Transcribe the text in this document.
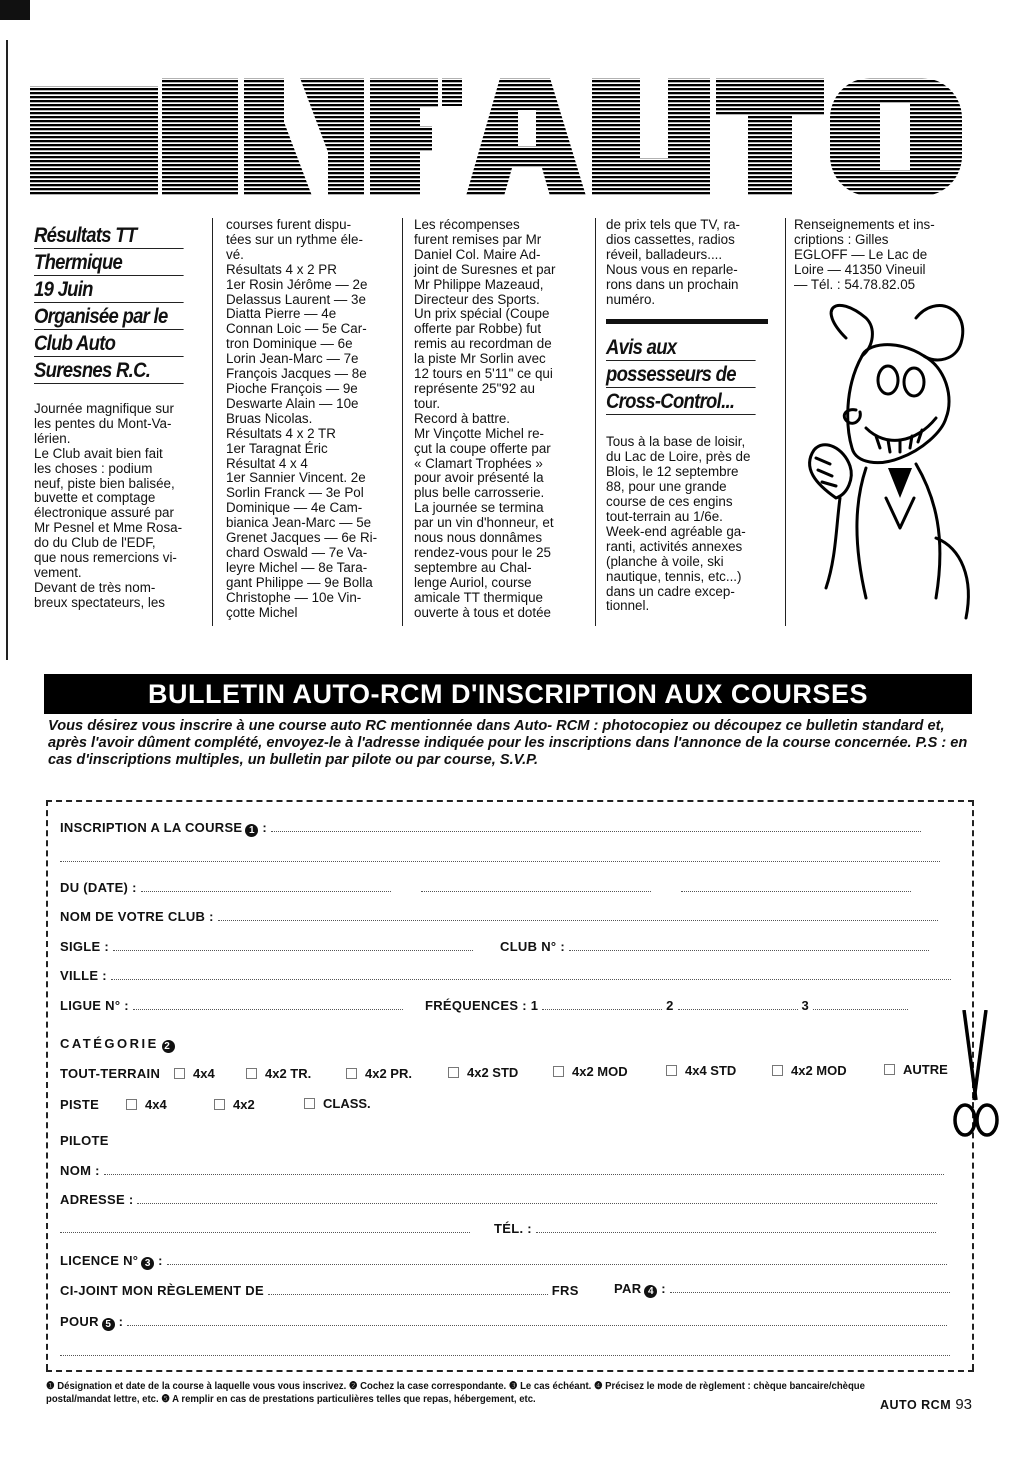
Résultats TT
Thermique
19 Juin
Organisée par le
Club Auto
Suresnes R.C.

Journée magnifique sur

les pentes du Mont-Va-

lérien.

Le Club avait bien fait

les choses : podium

neuf, piste bien balisée,

buvette et comptage

électronique assuré par

Mr Pesnel et Mme Rosa-

do du Club de l'EDF,

que nous remercions vi-

vement.

Devant de très nom-

breux spectateurs, les

courses furent dispu-

tées sur un rythme éle-

vé.

Résultats 4 x 2 PR

1er Rosin Jérôme — 2e

Delassus Laurent — 3e

Diatta Pierre — 4e

Connan Loic — 5e Car-

tron Dominique — 6e

Lorin Jean-Marc — 7e

François Jacques — 8e

Pioche François — 9e

Deswarte Alain — 10e

Bruas Nicolas.

Résultats 4 x 2 TR

1er Taragnat Éric

Résultat 4 x 4

1er Sannier Vincent. 2e

Sorlin Franck — 3e Pol

Dominique — 4e Cam-

bianica Jean-Marc — 5e

Grenet Jacques — 6e Ri-

chard Oswald — 7e Va-

leyre Michel — 8e Tara-

gant Philippe — 9e Bolla

Christophe — 10e Vin-

çotte Michel

Les récompenses

furent remises par Mr

Daniel Col. Maire Ad-

joint de Suresnes et par

Mr Philippe Mazeaud,

Directeur des Sports.

Un prix spécial (Coupe

offerte par Robbe) fut

remis au recordman de

la piste Mr Sorlin avec

12 tours en 5'11" ce qui

représente 25"92 au

tour.

Record à battre.

Mr Vinçotte Michel re-

çut la coupe offerte par

« Clamart Trophées »

pour avoir présenté la

plus belle carrosserie.

La journée se termina

par un vin d'honneur, et

nous nous donnâmes

rendez-vous pour le 25

septembre au Chal-

lenge Auriol, course

amicale TT thermique

ouverte à tous et dotée

de prix tels que TV, ra-

dios cassettes, radios

réveil, balladeurs....

Nous vous en reparle-

rons dans un prochain

numéro.

Avis aux
possesseurs de
Cross-Control...

Tous à la base de loisir,

du Lac de Loire, près de

Blois, le 12 septembre

88, pour une grande

course de ces engins

tout-terrain au 1/6e.

Week-end agréable ga-

ranti, activités annexes

(planche à voile, ski

nautique, tennis, etc...)

dans un cadre excep-

tionnel.

Renseignements et ins-

criptions : Gilles

EGLOFF — Le Lac de

Loire — 41350 Vineuil

— Tél. : 54.78.82.05

BULLETIN AUTO-RCM D'INSCRIPTION AUX COURSES
Vous désirez vous inscrire à une course auto RC mentionnée dans Auto- RCM : photocopiez ou découpez ce bulletin standard et, après l'avoir dûment complété, envoyez-le à l'adresse indiquée pour les inscriptions dans l'annonce de la course concernée. P.S : en cas d'inscriptions multiples, un bulletin par pilote ou par course, S.V.P.
INSCRIPTION A LA COURSE 1 :
DU (DATE) :
NOM DE VOTRE CLUB :
SIGLE :	CLUB N° :
VILLE :
LIGUE N° :	FRÉQUENCES : 1	2	3
CATÉGORIE 2
TOUT-TERRAIN	4x4	4x2 TR.	4x2 PR.	4x2 STD	4x2 MOD	4x4 STD	4x2 MOD	AUTRE
PISTE	4x4	4x2	CLASS.
PILOTE
NOM :
ADRESSE :
TÉL. :
LICENCE N° 3 :
CI-JOINT MON RÈGLEMENT DE	FRS	PAR 4 :
POUR 5 :
❶ Désignation et date de la course à laquelle vous vous inscrivez. ❷ Cochez la case correspondante. ❸ Le cas échéant. ❹ Précisez le mode de règlement : chèque bancaire/chèque postal/mandat lettre, etc. ❺ A remplir en cas de prestations particulières telles que repas, hébergement, etc.	AUTO RCM 93
